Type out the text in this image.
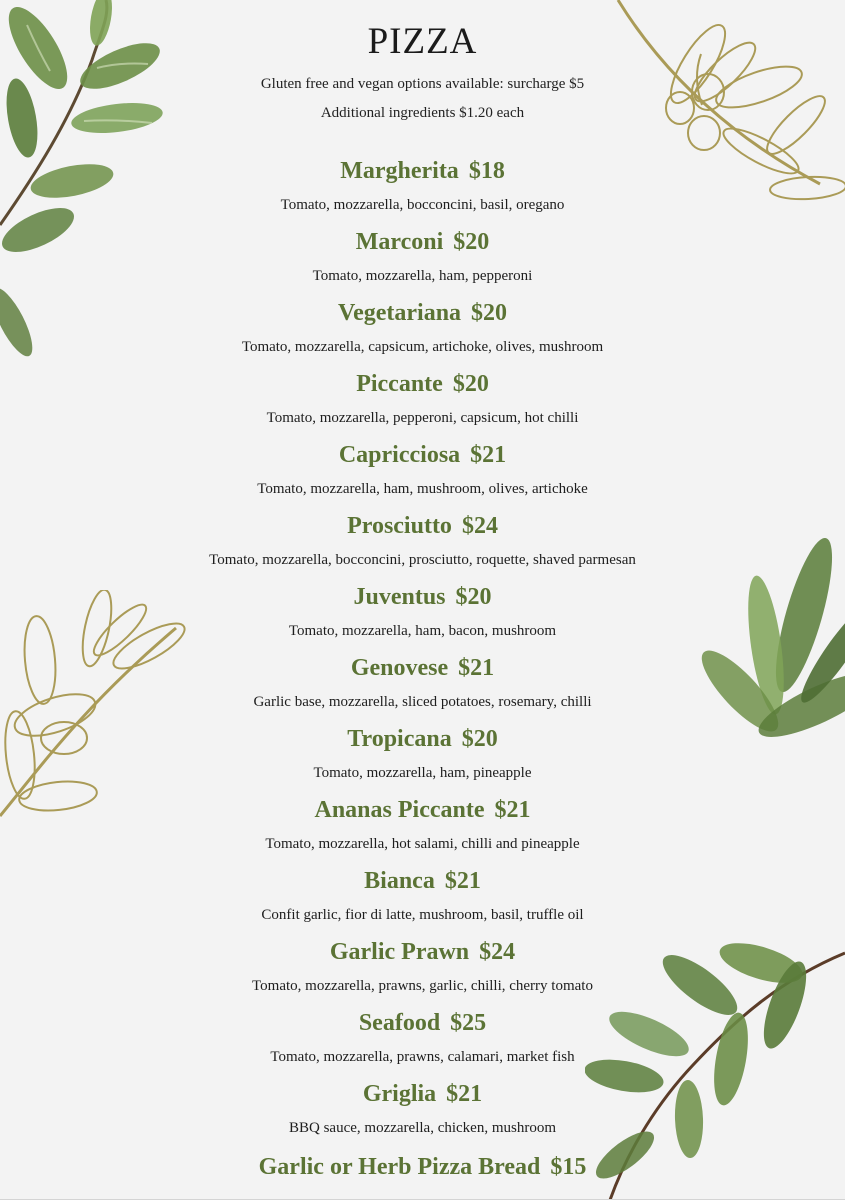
PIZZA
Gluten free and vegan options available: surcharge $5
Additional ingredients $1.20 each
Margherita $18
Tomato, mozzarella, bocconcini, basil, oregano
Marconi $20
Tomato, mozzarella, ham, pepperoni
Vegetariana $20
Tomato, mozzarella, capsicum, artichoke, olives, mushroom
Piccante $20
Tomato, mozzarella, pepperoni, capsicum, hot chilli
Capricciosa $21
Tomato, mozzarella, ham, mushroom, olives, artichoke
Prosciutto $24
Tomato, mozzarella, bocconcini, prosciutto, roquette, shaved parmesan
Juventus $20
Tomato, mozzarella, ham, bacon, mushroom
Genovese $21
Garlic base, mozzarella, sliced potatoes, rosemary, chilli
Tropicana $20
Tomato, mozzarella, ham, pineapple
Ananas Piccante $21
Tomato, mozzarella, hot salami, chilli and pineapple
Bianca $21
Confit garlic, fior di latte, mushroom, basil, truffle oil
Garlic Prawn $24
Tomato, mozzarella, prawns, garlic, chilli, cherry tomato
Seafood $25
Tomato, mozzarella, prawns, calamari, market fish
Griglia $21
BBQ sauce, mozzarella, chicken, mushroom
Garlic or Herb Pizza Bread $15
